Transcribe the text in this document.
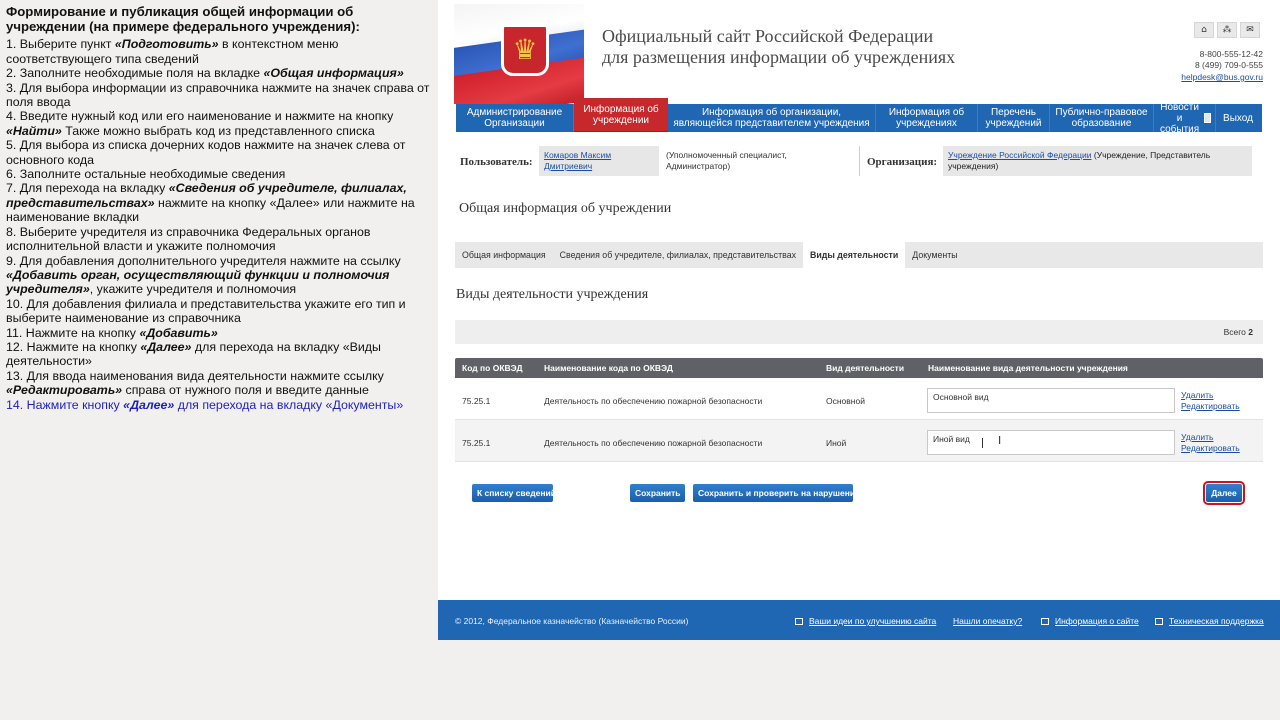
Формирование и публикация общей информации об учреждении (на примере федерального учреждения):
1. Выберите пункт «Подготовить» в контекстном меню соответствующего типа сведений
2. Заполните необходимые поля на вкладке «Общая информация»
3. Для выбора информации из справочника нажмите на значек справа от поля ввода
4. Введите нужный код или его наименование и нажмите на кнопку «Найти» Также можно выбрать код из представленного списка
5. Для выбора из списка дочерних кодов нажмите на значек слева от основного кода
6. Заполните остальные необходимые сведения
7. Для перехода на вкладку «Сведения об учредителе, филиалах, представительствах» нажмите на кнопку «Далее» или нажмите на наименование вкладки
8. Выберите учредителя из справочника Федеральных органов исполнительной власти и укажите полномочия
9. Для добавления дополнительного учредителя нажмите на ссылку «Добавить орган, осуществляющий функции и полномочия учредителя», укажите учредителя и полномочия
10. Для добавления филиала и представительства укажите его тип и выберите наименование из справочника
11. Нажмите на кнопку «Добавить»
12. Нажмите на кнопку «Далее» для перехода на вкладку «Виды деятельности»
13. Для ввода наименования вида деятельности нажмите ссылку «Редактировать» справа от нужного поля и введите данные
14. Нажмите кнопку «Далее» для перехода на вкладку «Документы»
♛	Официальный сайт Российской Федерации
для размещения информации об учреждениях
⌂	⁂	✉
8-800-555-12-42
8 (499) 709-0-555
helpdesk@bus.gov.ru
Администрирование Организации
Информация об учреждении
Информация об организации, являющейся представителем учреждения
Информация об учреждениях
Перечень учреждений
Публично-правовое образование
Новости и события
Выход
Пользователь:
Комаров Максим
Дмитриевич
(Уполномоченный специалист,
Администратор)	Организация:
Учреждение Российской Федерации (Учреждение, Представитель
учреждения)
Общая информация об учреждении
Общая информация	Сведения об учредителе, филиалах, представительствах	Виды деятельности	Документы
Виды деятельности учреждения
Всего 2
Код по ОКВЭД	Наименование кода по ОКВЭД	Вид деятельности	Наименование вида деятельности учреждения
75.25.1	Деятельность по обеспечению пожарной безопасности	Основной	Основной вид	Удалить
Редактировать
75.25.1	Деятельность по обеспечению пожарной безопасности	Иной	Иной вид	I	Удалить
Редактировать
К списку сведений	Сохранить	Сохранить и проверить на нарушения	Далее
© 2012, Федеральное казначейство (Казначейство России)	Ваши идеи по улучшению сайта Нашли опечатку?	Информация о сайте	Техническая поддержка
